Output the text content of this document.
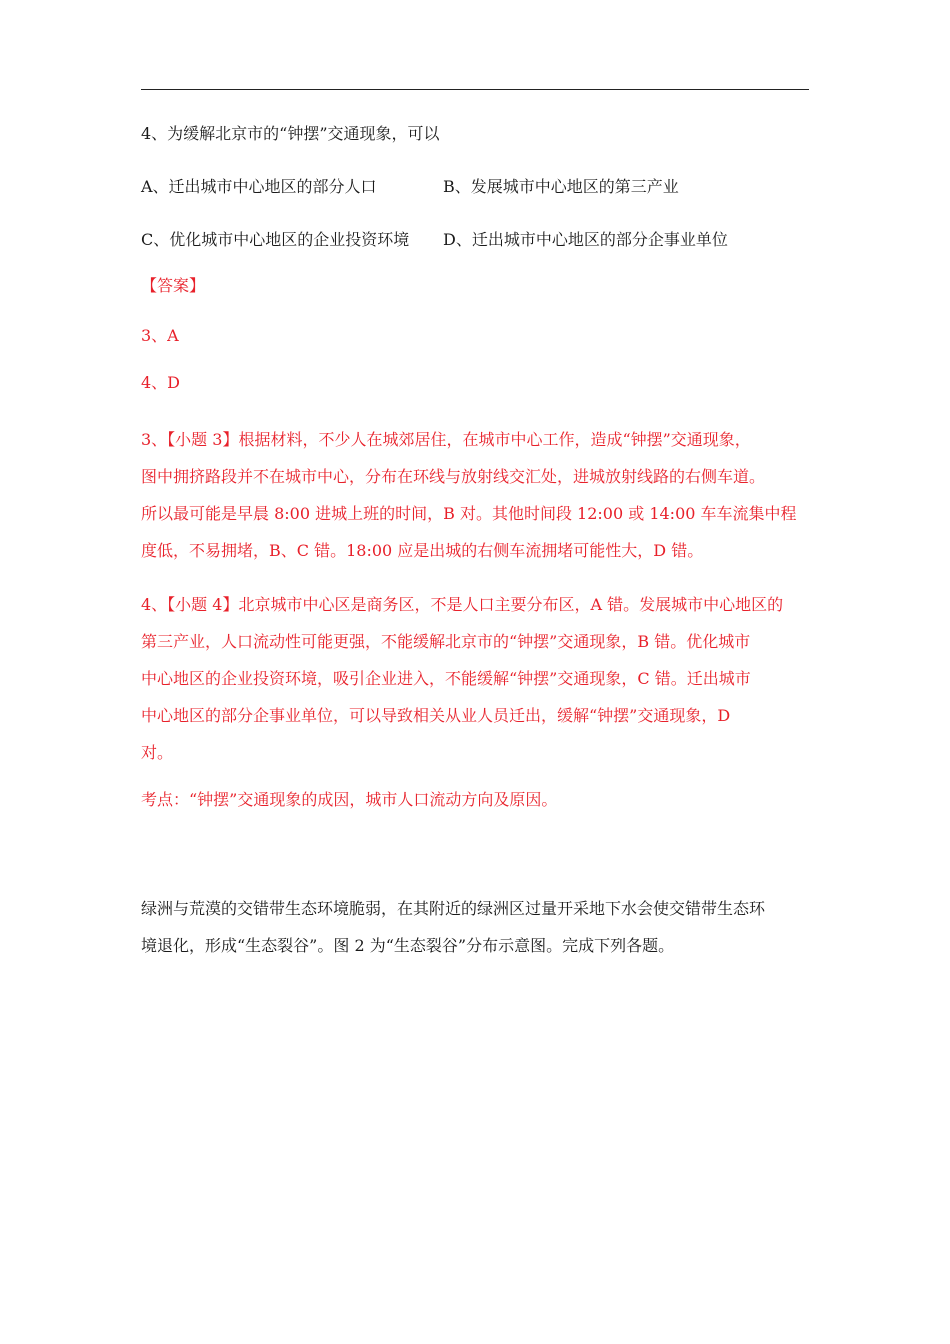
4、为缓解北京市的“钟摆”交通现象，可以
A、迁出城市中心地区的部分人口	B、发展城市中心地区的第三产业
C、优化城市中心地区的企业投资环境 D、迁出城市中心地区的部分企事业单位
【答案】
3、A
4、D
3、【小题 3】根据材料，不少人在城郊居住，在城市中心工作，造成“钟摆”交通现象，
图中拥挤路段并不在城市中心，分布在环线与放射线交汇处，进城放射线路的右侧车道。
所以最可能是早晨 8:00 进城上班的时间，B 对。其他时间段 12:00 或 14:00 车车流集中程
度低，不易拥堵，B、C 错。18:00 应是出城的右侧车流拥堵可能性大，D 错。
4、【小题 4】北京城市中心区是商务区，不是人口主要分布区，A 错。发展城市中心地区的
第三产业，人口流动性可能更强，不能缓解北京市的“钟摆”交通现象，B 错。优化城市
中心地区的企业投资环境，吸引企业进入，不能缓解“钟摆”交通现象，C 错。迁出城市
中心地区的部分企事业单位，可以导致相关从业人员迁出，缓解“钟摆”交通现象，D
对。
考点：“钟摆”交通现象的成因，城市人口流动方向及原因。
绿洲与荒漠的交错带生态环境脆弱，在其附近的绿洲区过量开采地下水会使交错带生态环
境退化，形成“生态裂谷”。图 2 为“生态裂谷”分布示意图。完成下列各题。
